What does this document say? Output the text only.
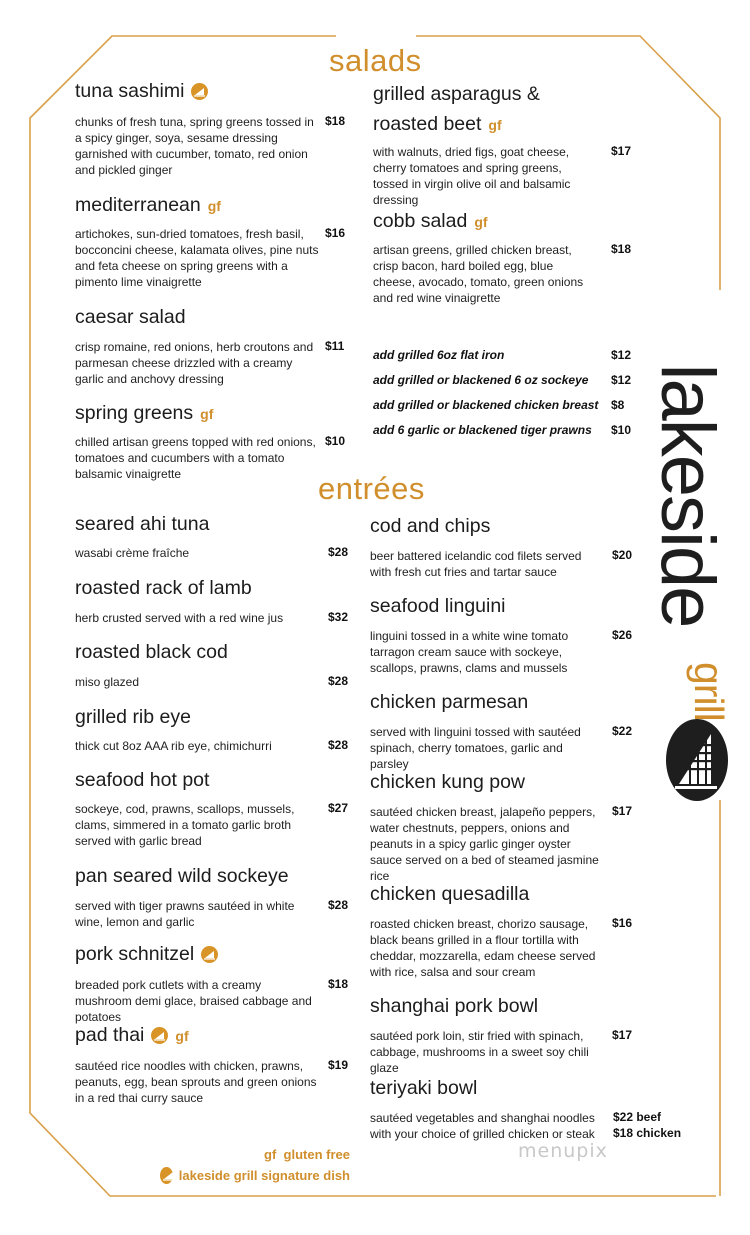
salads
tuna sashimi
chunks of fresh tuna, spring greens tossed in a spicy ginger, soya, sesame dressing garnished with cucumber, tomato, red onion and pickled ginger
$18
mediterranean gf
artichokes, sun-dried tomatoes, fresh basil, bocconcini cheese, kalamata olives, pine nuts and feta cheese on spring greens with a pimento lime vinaigrette
$16
caesar salad
crisp romaine, red onions, herb croutons and parmesan cheese drizzled with a creamy garlic and anchovy dressing
$11
spring greens gf
chilled artisan greens topped with red onions, tomatoes and cucumbers with a tomato balsamic vinaigrette
$10
grilled asparagus &
roasted beet gf
with walnuts, dried figs, goat cheese, cherry tomatoes and spring greens, tossed in virgin olive oil and balsamic dressing
$17
cobb salad gf
artisan greens, grilled chicken breast, crisp bacon, hard boiled egg, blue cheese, avocado, tomato, green onions and red wine vinaigrette
$18
add grilled 6oz flat iron	$12
add grilled or blackened 6 oz sockeye $12
add grilled or blackened chicken breast $8
add 6 garlic or blackened tiger prawns $10
entrées
seared ahi tuna
wasabi crème fraîche	$28
roasted rack of lamb
herb crusted served with a red wine jus	$32
roasted black cod
miso glazed	$28
grilled rib eye
thick cut 8oz AAA rib eye, chimichurri	$28
seafood hot pot
sockeye, cod, prawns, scallops, mussels, clams, simmered in a tomato garlic broth served with garlic bread
$27
pan seared wild sockeye
served with tiger prawns sautéed in white wine, lemon and garlic
$28
pork schnitzel
breaded pork cutlets with a creamy mushroom demi glace, braised cabbage and potatoes
$18
pad thai gf
sautéed rice noodles with chicken, prawns, peanuts, egg, bean sprouts and green onions in a red thai curry sauce
$19
cod and chips
beer battered icelandic cod filets served with fresh cut fries and tartar sauce
$20
seafood linguini
linguini tossed in a white wine tomato tarragon cream sauce with sockeye, scallops, prawns, clams and mussels
$26
chicken parmesan
served with linguini tossed with sautéed spinach, cherry tomatoes, garlic and parsley
$22
chicken kung pow
sautéed chicken breast, jalapeño peppers, water chestnuts, peppers, onions and peanuts in a spicy garlic ginger oyster sauce served on a bed of steamed jasmine rice
$17
chicken quesadilla
roasted chicken breast, chorizo sausage, black beans grilled in a flour tortilla with cheddar, mozzarella, edam cheese served with rice, salsa and sour cream
$16
shanghai pork bowl
sautéed pork loin, stir fried with spinach, cabbage, mushrooms in a sweet soy chili glaze
$17
teriyaki bowl
sautéed vegetables and shanghai noodles with your choice of grilled chicken or steak
$22 beef
$18 chicken
gf gluten free
lakeside grill signature dish
lakeside
grill
menupix
